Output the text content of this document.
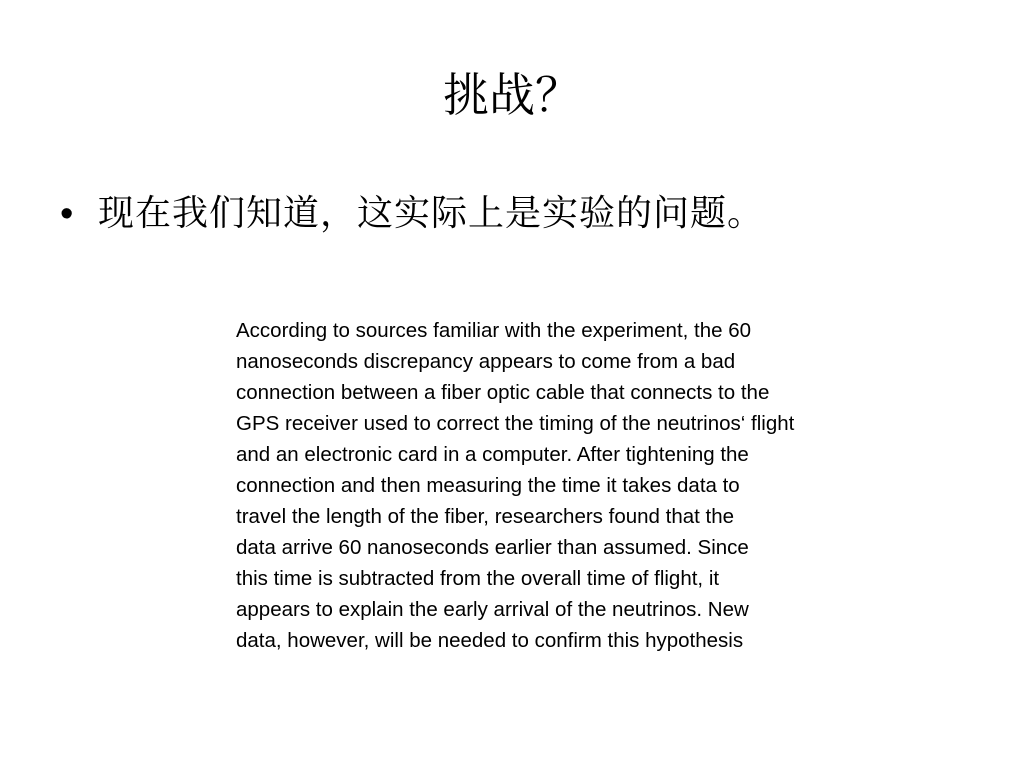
挑战？
• 现在我们知道，这实际上是实验的问题。

According to sources familiar with the experiment, the 60
nanoseconds discrepancy appears to come from a bad
connection between a fiber optic cable that connects to the
GPS receiver used to correct the timing of the neutrinos‘ flight
and an electronic card in a computer. After tightening the
connection and then measuring the time it takes data to
travel the length of the fiber, researchers found that the
data arrive 60 nanoseconds earlier than assumed. Since
this time is subtracted from the overall time of flight, it
appears to explain the early arrival of the neutrinos. New
data, however, will be needed to confirm this hypothesis
